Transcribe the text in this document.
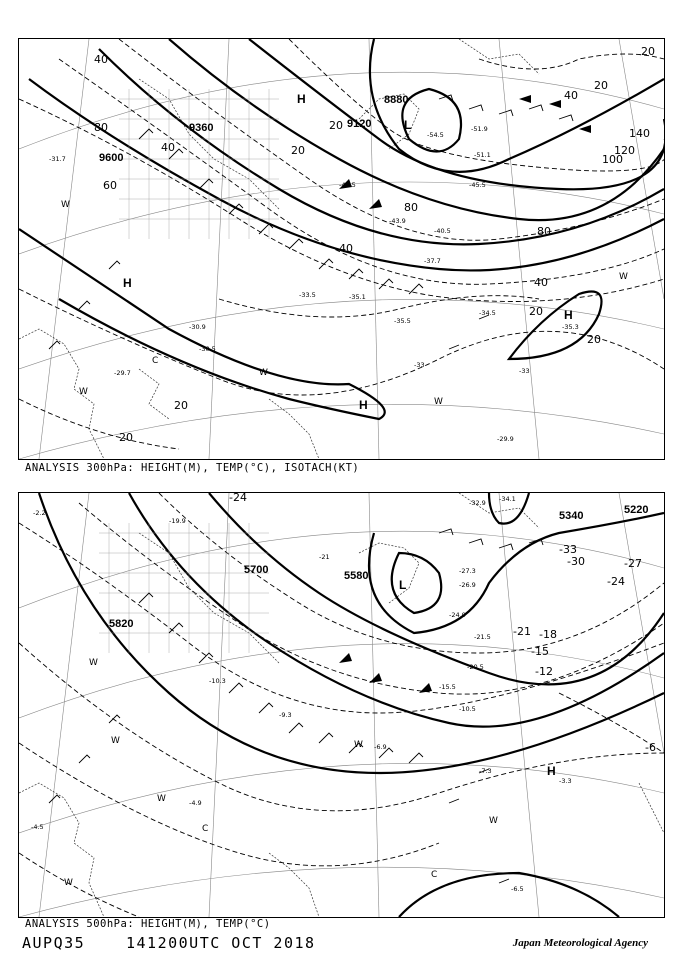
9360
9600
9120
8880
40
80
40
60
20
20
80
40
20
20
20
20
40
80
100
120
140
40
20
20
-54.5
-51.9
-51.1
-47.5	-45.5
-43.9
-40.5
-37.7
-35.1
-34.5
-35.5
-35.3
-33
-33
-29.7
-29.9
-30.5
-31.7
-30.9
-33.5
H
H
H
H
L
W
W
W
W
C
W
ANALYSIS 300hPa: HEIGHT(M), TEMP(°C), ISOTACH(KT)
5700	5580
5820
5340	5220
-24
-30
-33
-27
-24
-21 -18
-15
-12
-6
-32.9 -34.1
-27.3
-26.9
-24.0
-21.5
-20.5
-15.5
-10.5
-7.3
-6.9
-6.5
-4.9
-4.5
-3.3
-2.2
-21
-19.9
-10.3
-9.3
L
H
W
W
W
W
W
C
C
W
ANALYSIS 500hPa: HEIGHT(M), TEMP(°C)
AUPQ35	141200UTC OCT 2018	Japan Meteorological Agency
